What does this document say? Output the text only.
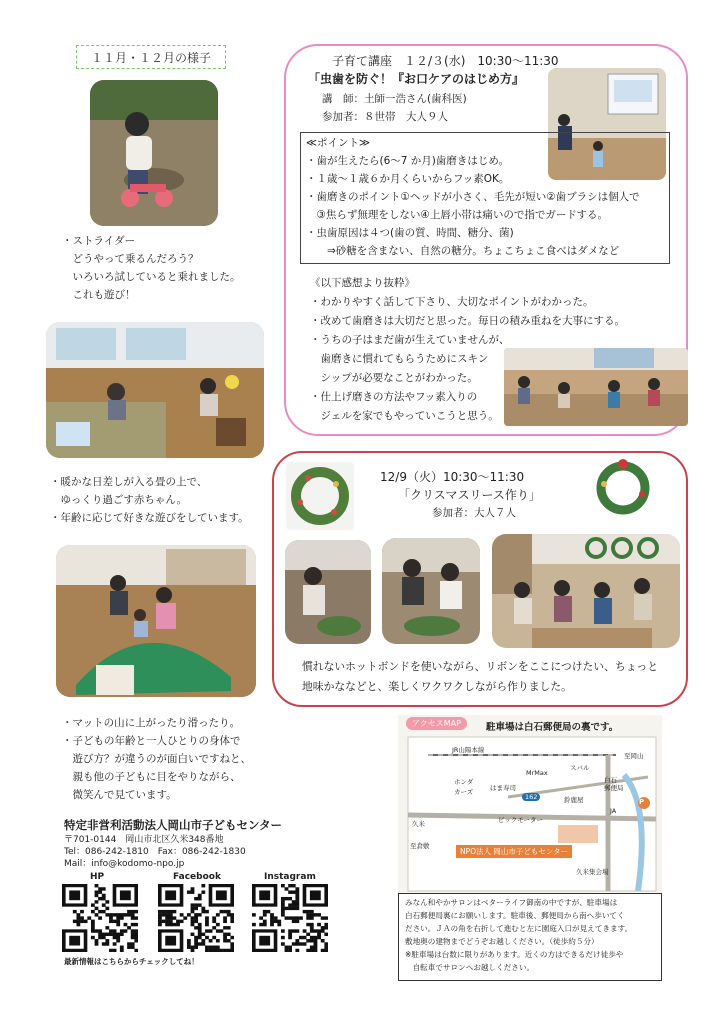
１１月・１２月の様子
・ストライダー
　どうやって乗るんだろう？
　いろいろ試していると乗れました。
　これも遊び！
・暖かな日差しが入る畳の上で、
　ゆっくり過ごす赤ちゃん。
・年齢に応じて好きな遊びをしています。
・マットの山に上がったり滑ったり。
・子どもの年齢と一人ひとりの身体で
　遊び方？が違うのが面白いですねと、
　親も他の子どもに目をやりながら、
　微笑んで見ています。
特定非営利活動法人岡山市子どもセンター
〒701-0144　岡山市北区久米348番地
Tel：086-242-1810　Fax：086-242-1830
Mail：info@kodomo-npo.jp
HP	Facebook	Instagram
最新情報はこちらからチェックしてね！
子育て講座　１２/３(水)　10:30～11:30
「虫歯を防ぐ！『お口ケアのはじめ方』
講　師：土師一浩さん(歯科医)
参加者：８世帯　大人９人
≪ポイント≫
・歯が生えたら(6～7 か月)歯磨きはじめ。
・１歳～１歳６か月くらいからフッ素OK。
・歯磨きのポイント①ヘッドが小さく、毛先が短い②歯ブラシは個人で
　③焦らず無理をしない④上唇小帯は痛いので指でガードする。
・虫歯原因は４つ(歯の質、時間、糖分、菌)
　　⇒砂糖を含まない、自然の糖分。ちょこちょこ食べはダメなど
《以下感想より抜粋》
・わかりやすく話して下さり、大切なポイントがわかった。
・改めて歯磨きは大切だと思った。毎日の積み重ねを大事にする。
・うちの子はまだ歯が生えていませんが、
　歯磨きに慣れてもらうためにスキン
　シップが必要なことがわかった。
・仕上げ磨きの方法やフッ素入りの
　ジェルを家でもやっていこうと思う。
12/9（火）10:30～11:30
「クリスマスリース作り」
参加者：大人７人
慣れないホットボンドを使いながら、リボンをここにつけたい、ちょっと
地味かななどと、楽しくワクワクしながら作りました。
アクセスMAP	駐車場は白石郵便局の裏です。
JR山陽本線
至岡山
スバル
MrMax
ホンダ
カーズ	はま寿司
162
白石
郵便局
鈴鹿屋
ビックモーター
JA
久米
至倉敷
久米集会場
NPO法人 岡山市子どもセンター
P
みなん和やかサロンはベターライフ御南の中ですが、駐車場は
白石郵便局裏にお願いします。駐車後、郵便局から南へ歩いてく
ださい。ＪＡの角を右折して進むと左に園庭入口が見えてきます。
敷地奥の建物までどうぞお越しください。（徒歩約５分）
※駐車場は台数に限りがあります。近くの方はできるだけ徒歩や
　自転車でサロンへお越しください。
